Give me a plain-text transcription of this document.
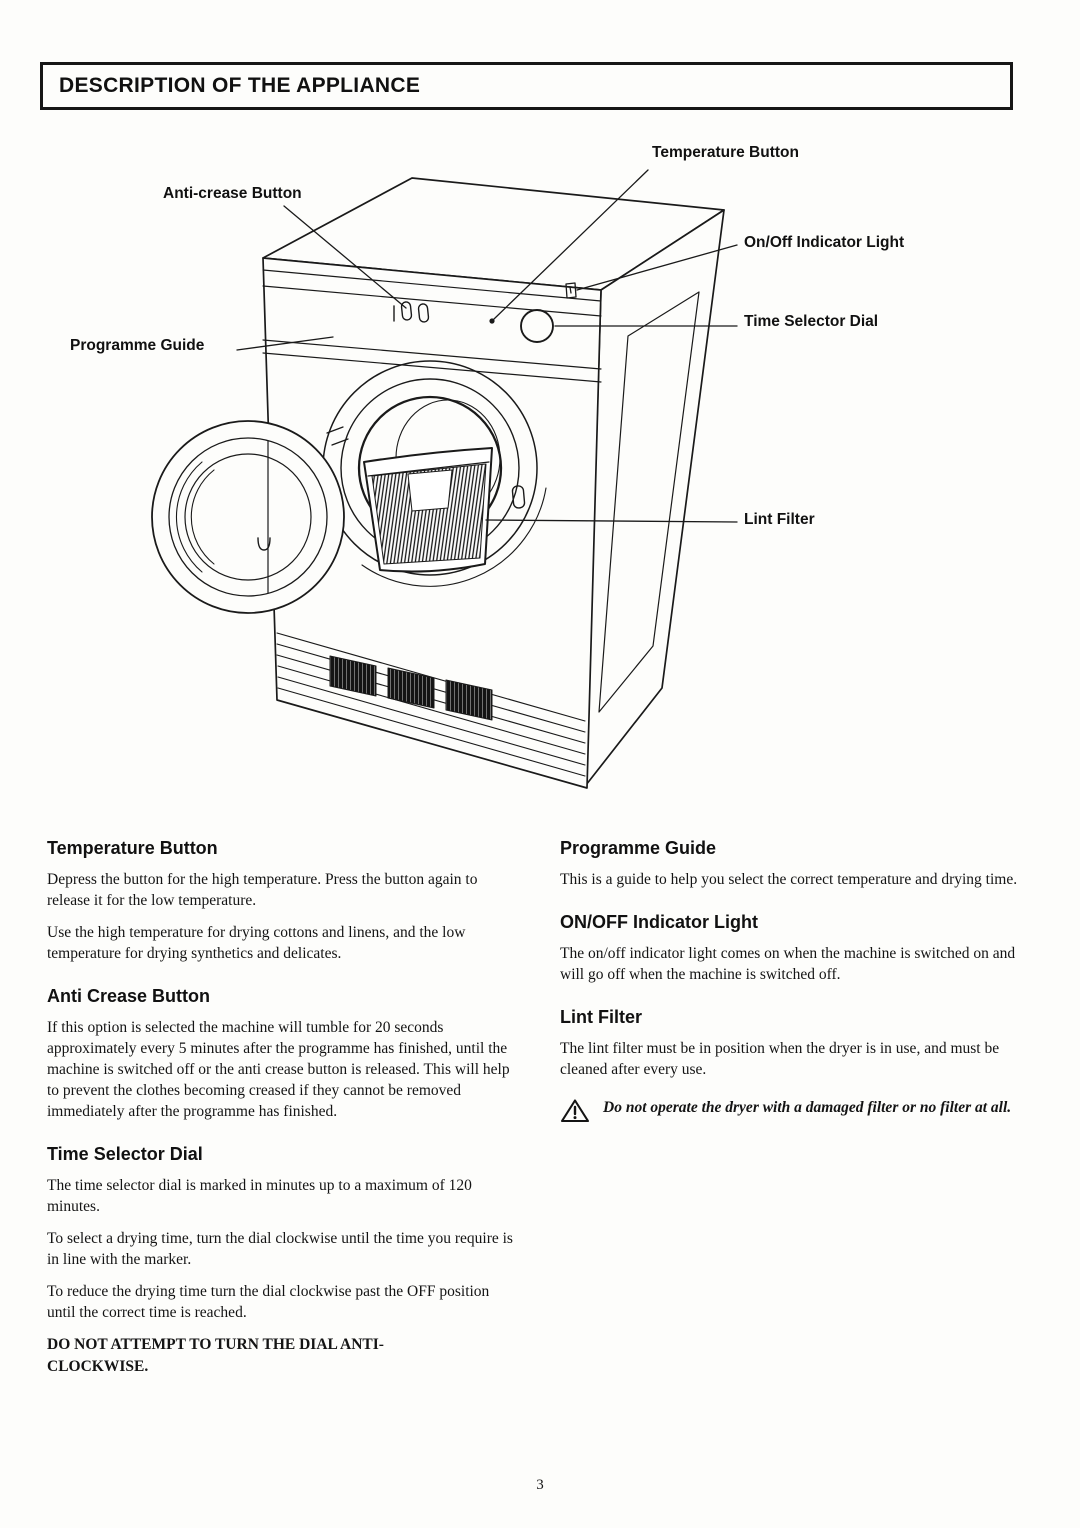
DESCRIPTION OF THE APPLIANCE
Temperature Button
Anti-crease Button
On/Off Indicator Light
Time Selector Dial
Programme Guide
Lint Filter
Temperature Button

Depress the button for the high temperature. Press the button again to release it for the low temperature.

Use the high temperature for drying cottons and linens, and the low temperature for drying synthetics and delicates.

Anti Crease Button

If this option is selected the machine will tumble for 20 seconds approximately every 5 minutes after the programme has finished, until the machine is switched off or the anti crease button is released. This will help to prevent the clothes becoming creased if they cannot be removed immediately after the programme has finished.

Time Selector Dial

The time selector dial is marked in minutes up to a maximum of 120 minutes.

To select a drying time, turn the dial clockwise until the time you require is in line with the marker.

To reduce the drying time turn the dial clockwise past the OFF position until the correct time is reached.

DO NOT ATTEMPT TO TURN THE DIAL ANTI-CLOCKWISE.

Programme Guide

This is a guide to help you select the correct temperature and drying time.

ON/OFF Indicator Light

The on/off indicator light comes on when the machine is switched on and will go off when the machine is switched off.

Lint Filter

The lint filter must be in position when the dryer is in use, and must be cleaned after every use.

Do not operate the dryer with a damaged filter or no filter at all.
3
